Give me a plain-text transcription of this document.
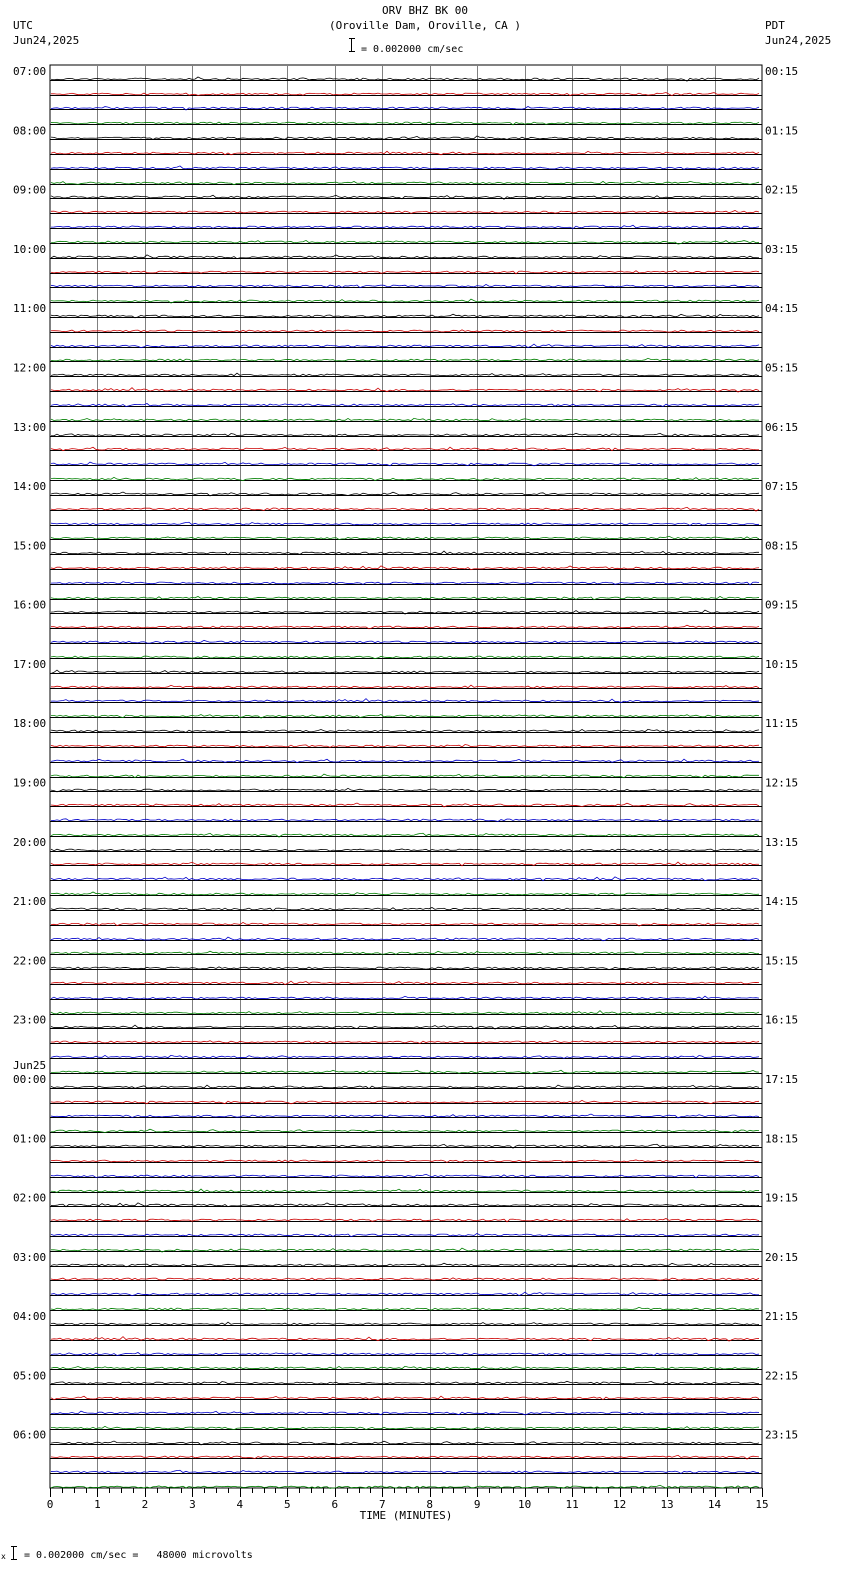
ORV BHZ BK 00
(Oroville Dam, Oroville, CA )
= 0.002000 cm/sec
UTC
Jun24,2025
PDT
Jun24,2025
0	1	2	3	4	5	6	7	8	9	10	11	12	13	14	15
TIME (MINUTES)
07:00	00:15
08:00	01:15
09:00	02:15
10:00	03:15
11:00	04:15
12:00	05:15
13:00	06:15
14:00	07:15
15:00	08:15
16:00	09:15
17:00	10:15
18:00	11:15
19:00	12:15
20:00	13:15
21:00	14:15
22:00	15:15
23:00	16:15
00:00	17:15
Jun25
01:00	18:15
02:00	19:15
03:00	20:15
04:00	21:15
05:00	22:15
06:00	23:15
x = 0.002000 cm/sec =   48000 microvolts
